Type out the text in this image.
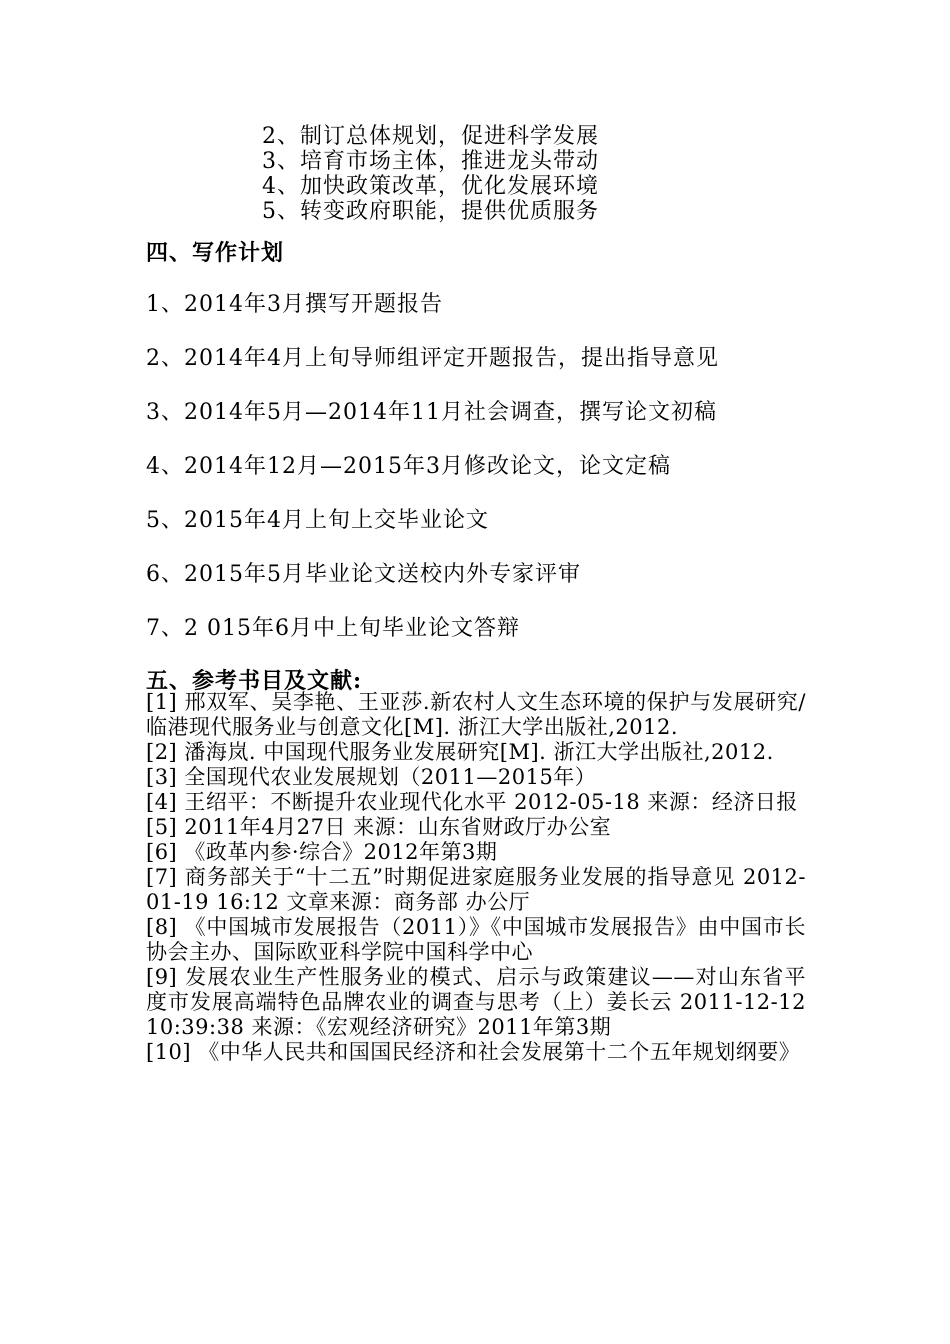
2、制订总体规划，促进科学发展
3、培育市场主体，推进龙头带动
4、加快政策改革，优化发展环境
5、转变政府职能，提供优质服务
四、写作计划
1、2014年3月撰写开题报告
2、2014年4月上旬导师组评定开题报告，提出指导意见
3、2014年5月—2014年11月社会调查，撰写论文初稿
4、2014年12月—2015年3月修改论文，论文定稿
5、2015年4月上旬上交毕业论文
6、2015年5月毕业论文送校内外专家评审
7、2 015年6月中上旬毕业论文答辩
五、参考书目及文献:
[1] 邢双军、吴李艳、王亚莎.新农村人文生态环境的保护与发展研究/临港现代服务业与创意文化[M]. 浙江大学出版社,2012.
[2] 潘海岚. 中国现代服务业发展研究[M]. 浙江大学出版社,2012.
[3] 全国现代农业发展规划（2011—2015年）
[4] 王绍平：不断提升农业现代化水平 2012-05-18 来源：经济日报
[5] 2011年4月27日 来源：山东省财政厅办公室
[6] 《政革内参·综合》2012年第3期
[7] 商务部关于“十二五”时期促进家庭服务业发展的指导意见 2012-01-19 16:12 文章来源：商务部 办公厅
[8] 《中国城市发展报告（2011）》《中国城市发展报告》由中国市长协会主办、国际欧亚科学院中国科学中心
[9] 发展农业生产性服务业的模式、启示与政策建议——对山东省平度市发展高端特色品牌农业的调查与思考（上）姜长云 2011-12-12 10:39:38 来源：《宏观经济研究》2011年第3期
[10] 《中华人民共和国国民经济和社会发展第十二个五年规划纲要》
